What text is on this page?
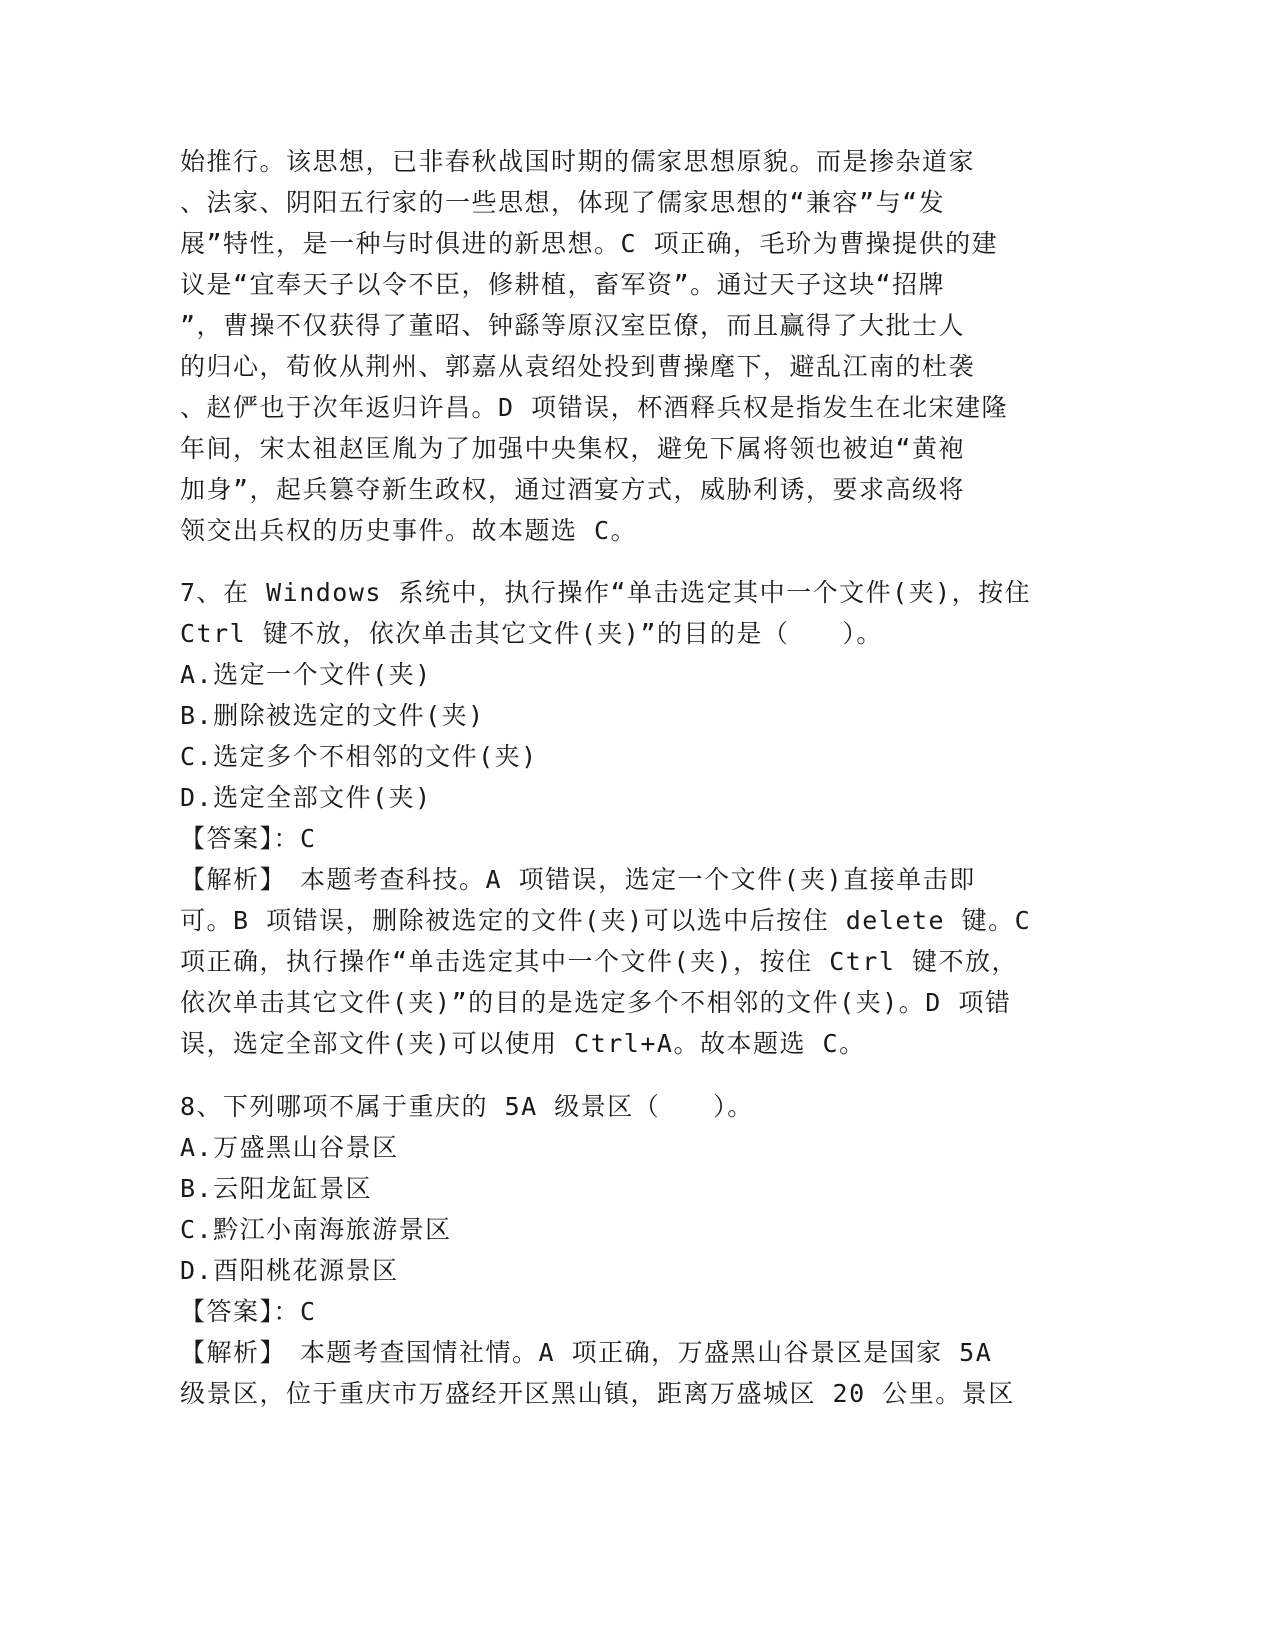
始推行。该思想，已非春秋战国时期的儒家思想原貌。而是掺杂道家
、法家、阴阳五行家的一些思想，体现了儒家思想的“兼容”与“发
展”特性，是一种与时俱进的新思想。C 项正确，毛玠为曹操提供的建
议是“宜奉天子以令不臣，修耕植，畜军资”。通过天子这块“招牌
”，曹操不仅获得了董昭、钟繇等原汉室臣僚，而且赢得了大批士人
的归心，荀攸从荆州、郭嘉从袁绍处投到曹操麾下，避乱江南的杜袭
、赵俨也于次年返归许昌。D 项错误，杯酒释兵权是指发生在北宋建隆
年间，宋太祖赵匡胤为了加强中央集权，避免下属将领也被迫“黄袍
加身”，起兵篡夺新生政权，通过酒宴方式，威胁利诱，要求高级将
领交出兵权的历史事件。故本题选 C。
7、在 Windows 系统中，执行操作“单击选定其中一个文件(夹)，按住
Ctrl 键不放，依次单击其它文件(夹)”的目的是（　　）。
A.选定一个文件(夹)
B.删除被选定的文件(夹)
C.选定多个不相邻的文件(夹)
D.选定全部文件(夹)
【答案】：C
【解析】　本题考查科技。A 项错误，选定一个文件(夹)直接单击即
可。B 项错误，删除被选定的文件(夹)可以选中后按住 delete 键。C
项正确，执行操作“单击选定其中一个文件(夹)，按住 Ctrl 键不放，
依次单击其它文件(夹)”的目的是选定多个不相邻的文件(夹)。D 项错
误，选定全部文件(夹)可以使用 Ctrl+A。故本题选 C。
8、下列哪项不属于重庆的 5A 级景区（　　）。
A.万盛黑山谷景区
B.云阳龙缸景区
C.黔江小南海旅游景区
D.酉阳桃花源景区
【答案】：C
【解析】　本题考查国情社情。A 项正确，万盛黑山谷景区是国家 5A
级景区，位于重庆市万盛经开区黑山镇，距离万盛城区 20 公里。景区
